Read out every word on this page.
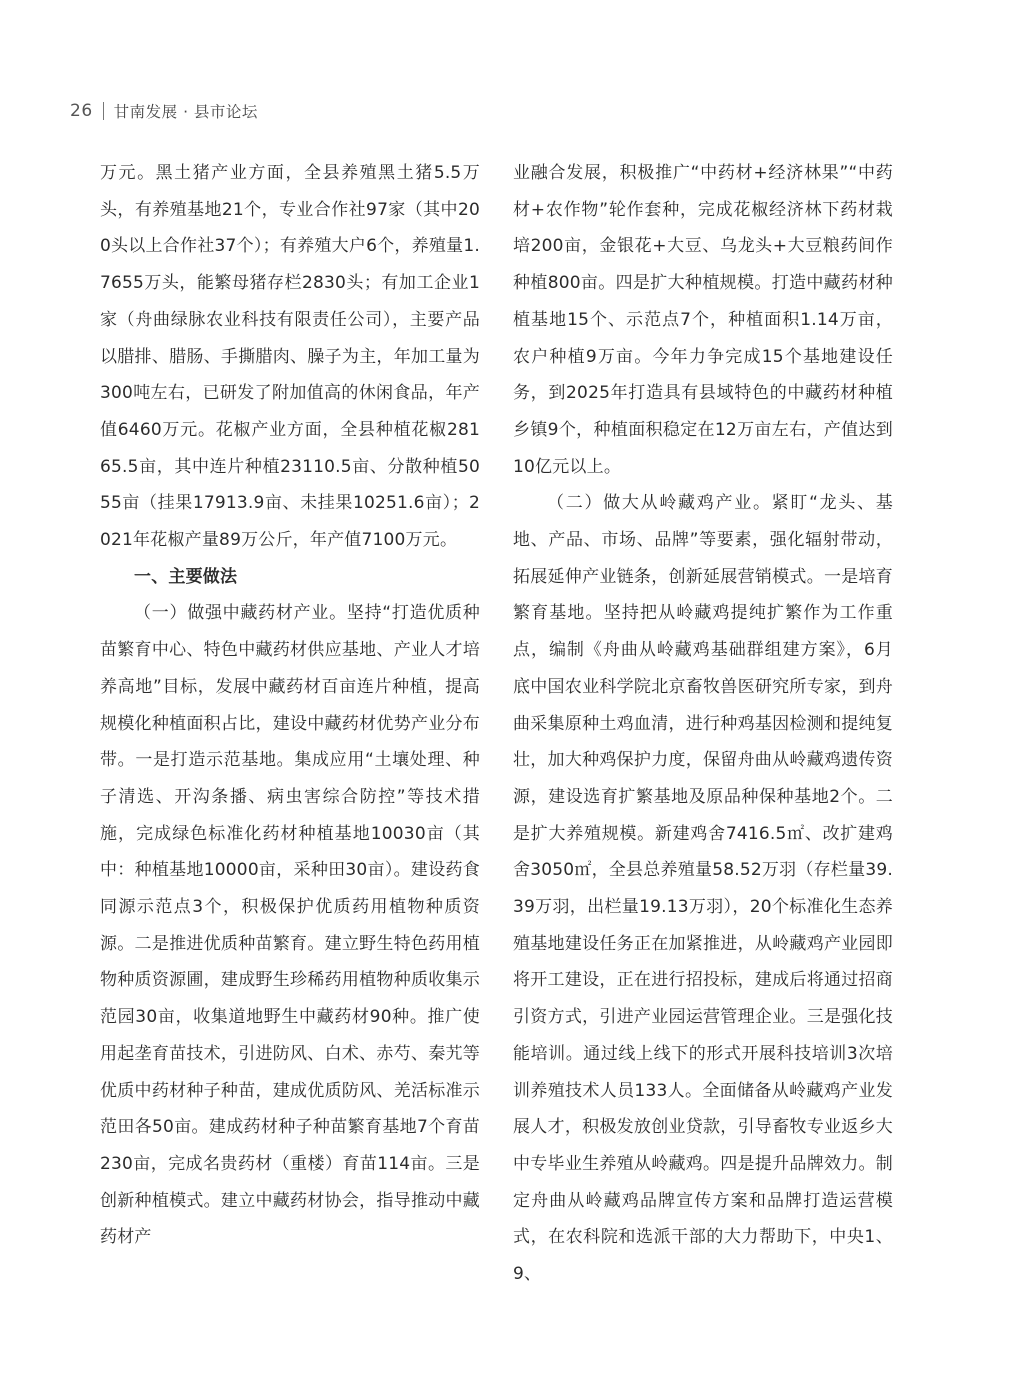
26 甘南发展 · 县市论坛

万元。黑土猪产业方面，全县养殖黑土猪5.5万头，有养殖基地21个，专业合作社97家（其中200头以上合作社37个）；有养殖大户6个，养殖量1.7655万头，能繁母猪存栏2830头；有加工企业1家（舟曲绿脉农业科技有限责任公司），主要产品以腊排、腊肠、手撕腊肉、臊子为主，年加工量为300吨左右，已研发了附加值高的休闲食品，年产值6460万元。花椒产业方面，全县种植花椒28165.5亩，其中连片种植23110.5亩、分散种植5055亩（挂果17913.9亩、未挂果10251.6亩）；2021年花椒产量89万公斤，年产值7100万元。

一、主要做法

（一）做强中藏药材产业。坚持“打造优质种苗繁育中心、特色中藏药材供应基地、产业人才培养高地”目标，发展中藏药材百亩连片种植，提高规模化种植面积占比，建设中藏药材优势产业分布带。一是打造示范基地。集成应用“土壤处理、种子清选、开沟条播、病虫害综合防控”等技术措施，完成绿色标准化药材种植基地10030亩（其中：种植基地10000亩，采种田30亩）。建设药食同源示范点3个，积极保护优质药用植物种质资源。二是推进优质种苗繁育。建立野生特色药用植物种质资源圃，建成野生珍稀药用植物种质收集示范园30亩，收集道地野生中藏药材90种。推广使用起垄育苗技术，引进防风、白术、赤芍、秦艽等优质中药材种子种苗，建成优质防风、羌活标准示范田各50亩。建成药材种子种苗繁育基地7个育苗230亩，完成名贵药材（重楼）育苗114亩。三是创新种植模式。建立中藏药材协会，指导推动中藏药材产

业融合发展，积极推广“中药材+经济林果”“中药材+农作物”轮作套种，完成花椒经济林下药材栽培200亩，金银花+大豆、乌龙头+大豆粮药间作种植800亩。四是扩大种植规模。打造中藏药材种植基地15个、示范点7个，种植面积1.14万亩，农户种植9万亩。今年力争完成15个基地建设任务，到2025年打造具有县域特色的中藏药材种植乡镇9个，种植面积稳定在12万亩左右，产值达到10亿元以上。

（二）做大从岭藏鸡产业。紧盯“龙头、基地、产品、市场、品牌”等要素，强化辐射带动，拓展延伸产业链条，创新延展营销模式。一是培育繁育基地。坚持把从岭藏鸡提纯扩繁作为工作重点，编制《舟曲从岭藏鸡基础群组建方案》，6月底中国农业科学院北京畜牧兽医研究所专家，到舟曲采集原种土鸡血清，进行种鸡基因检测和提纯复壮，加大种鸡保护力度，保留舟曲从岭藏鸡遗传资源，建设选育扩繁基地及原品种保种基地2个。二是扩大养殖规模。新建鸡舍7416.5㎡、改扩建鸡舍3050㎡，全县总养殖量58.52万羽（存栏量39.39万羽，出栏量19.13万羽），20个标准化生态养殖基地建设任务正在加紧推进，从岭藏鸡产业园即将开工建设，正在进行招投标，建成后将通过招商引资方式，引进产业园运营管理企业。三是强化技能培训。通过线上线下的形式开展科技培训3次培训养殖技术人员133人。全面储备从岭藏鸡产业发展人才，积极发放创业贷款，引导畜牧专业返乡大中专毕业生养殖从岭藏鸡。四是提升品牌效力。制定舟曲从岭藏鸡品牌宣传方案和品牌打造运营模式，在农科院和选派干部的大力帮助下，中央1、9、
